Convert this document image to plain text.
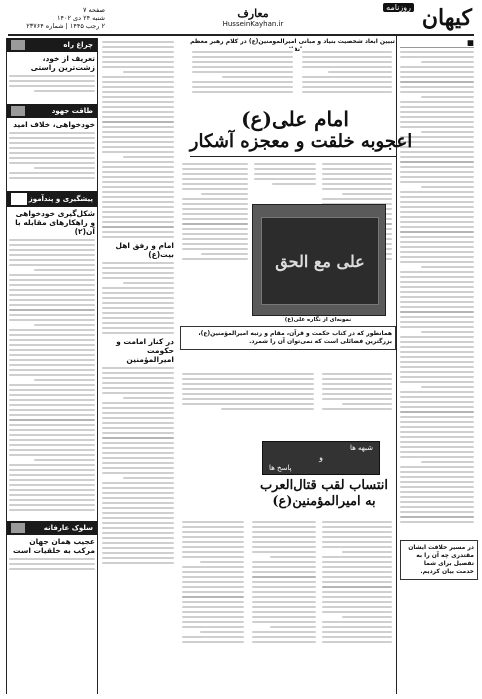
کیهان
روزنامه
معارف
HusseinKayhan.ir
صفحه ۷
شنبه ۲۴ دی ۱۴۰۲
۲ رجب ۱۴۴۵ | شماره ۲۳۷۶۴
■
تبیین ابعاد شخصیت بنیاد و مبانی امیرالمومنین(ع) در کلام رهبر معظم
امام علی(ع)
اعجوبه خلقت و معجزه آشکار
علی مع الحق
نمونه‌ای از نگاره علی(ع)
چراغ راه
تعریف از خود، زشت‌ترین راستی
طاقت جهود
خودخواهی، خلاف امید
پیشگیری و پندآموز
شکل‌گیری خودخواهی و راهکارهای مقابله با آن(۲)
سلوک عارفانه
عجیب همان جهان مرکب به خلقیات است
امام و رفق اهل بیت(ع)
در کنار امامت و حکومت امیرالمؤمنین
همانطور که در کتاب حکمت و قرآن، مقام و رتبه امیرالمؤمنین(ع)، بزرگترین فضائلی است که نمی‌توان آن را شمرد.
شبهه ها
و
پاسخ ها
انتساب لقب قتال‌العرب
به امیرالمؤمنین(ع)
در مسیر خلافت ایشان مقتدری چه آن را به تفصیل برای شما خدمت بیان کردیم.
